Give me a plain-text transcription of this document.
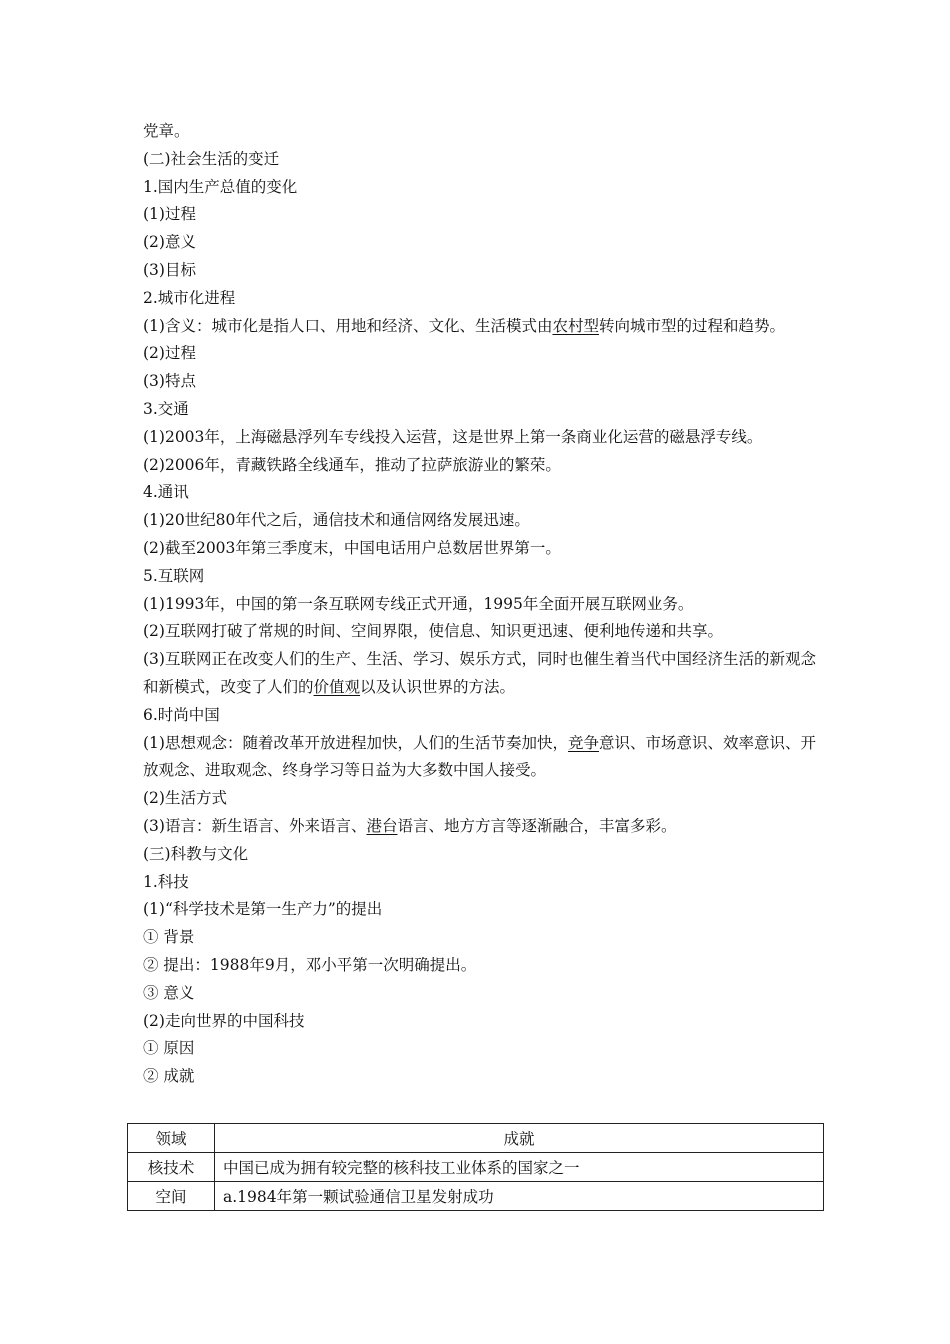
党章。
(二)社会生活的变迁
1.国内生产总值的变化
(1)过程
(2)意义
(3)目标
2.城市化进程
(1)含义：城市化是指人口、用地和经济、文化、生活模式由农村型转向城市型的过程和趋势。
(2)过程
(3)特点
3.交通
(1)2003年，上海磁悬浮列车专线投入运营，这是世界上第一条商业化运营的磁悬浮专线。
(2)2006年，青藏铁路全线通车，推动了拉萨旅游业的繁荣。
4.通讯
(1)20世纪80年代之后，通信技术和通信网络发展迅速。
(2)截至2003年第三季度末，中国电话用户总数居世界第一。
5.互联网
(1)1993年，中国的第一条互联网专线正式开通，1995年全面开展互联网业务。
(2)互联网打破了常规的时间、空间界限，使信息、知识更迅速、便利地传递和共享。
(3)互联网正在改变人们的生产、生活、学习、娱乐方式，同时也催生着当代中国经济生活的新观念和新模式，改变了人们的价值观以及认识世界的方法。
6.时尚中国
(1)思想观念：随着改革开放进程加快，人们的生活节奏加快，竞争意识、市场意识、效率意识、开放观念、进取观念、终身学习等日益为大多数中国人接受。
(2)生活方式
(3)语言：新生语言、外来语言、港台语言、地方方言等逐渐融合，丰富多彩。
(三)科教与文化
1.科技
(1)“科学技术是第一生产力”的提出
① 背景
② 提出：1988年9月，邓小平第一次明确提出。
③ 意义
(2)走向世界的中国科技
① 原因
② 成就
领域	成就
核技术	中国已成为拥有较完整的核科技工业体系的国家之一
空间	a.1984年第一颗试验通信卫星发射成功
